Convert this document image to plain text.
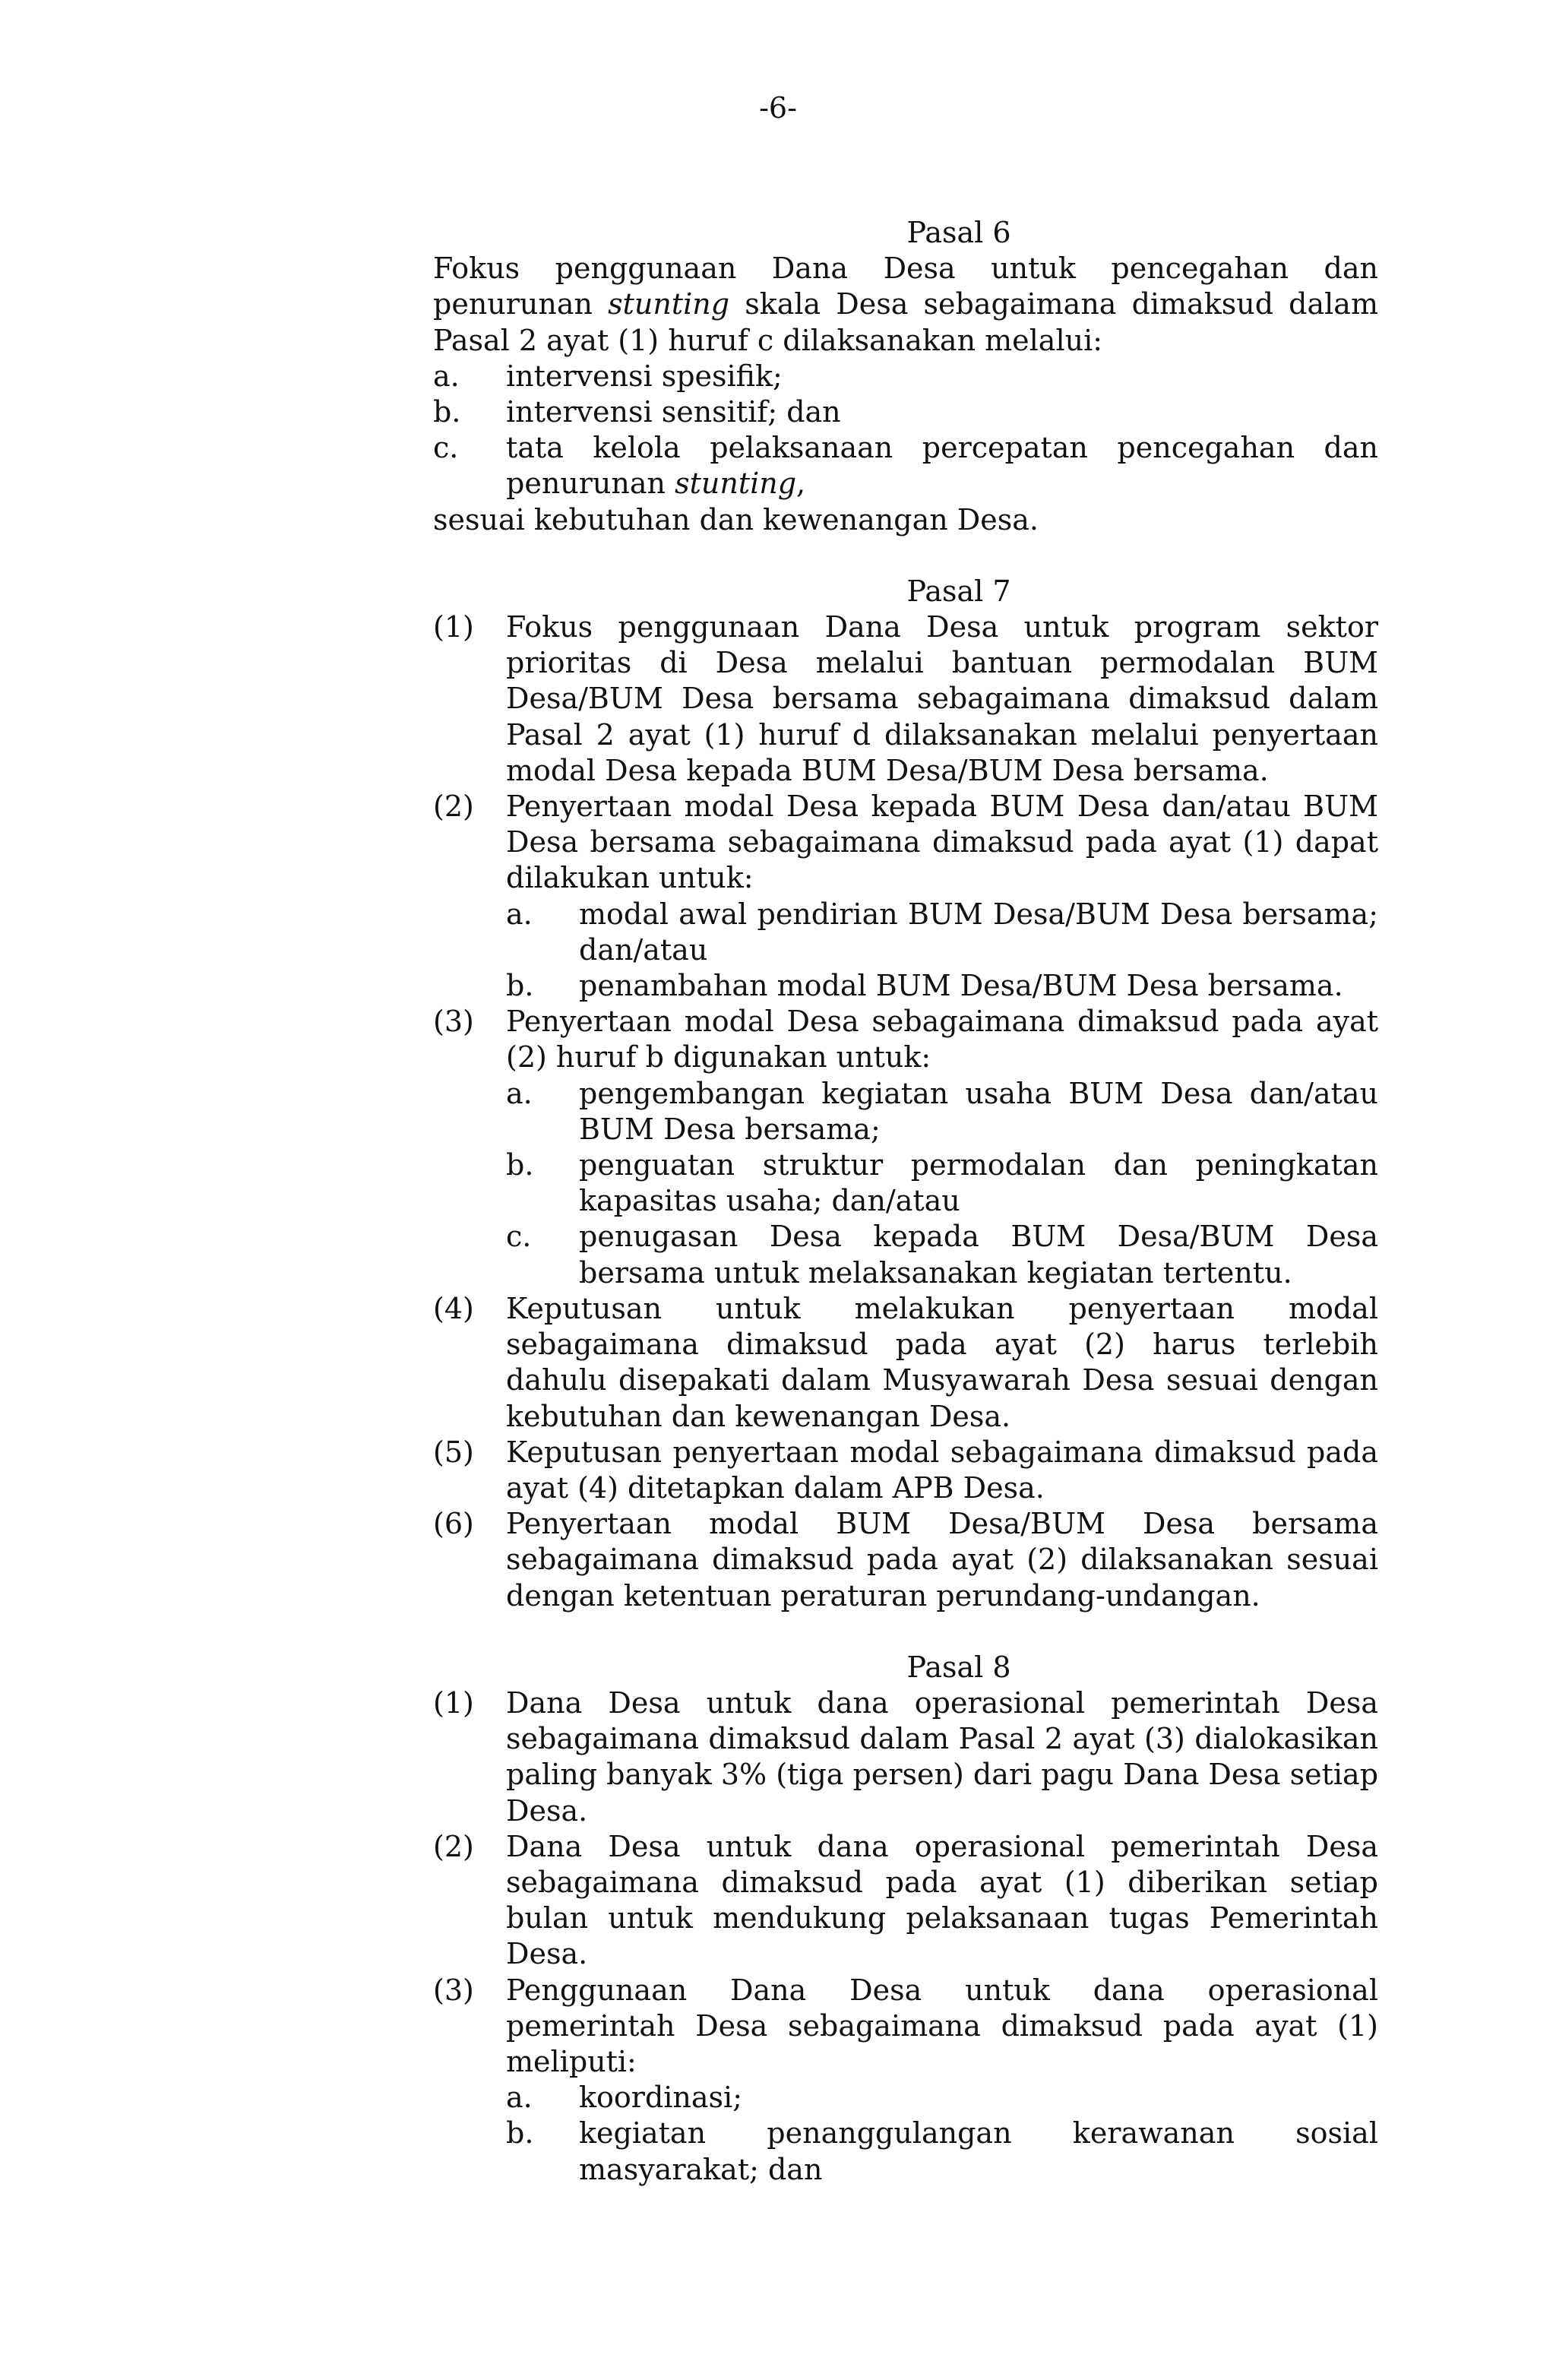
-6-
Pasal 6
Fokus penggunaan Dana Desa untuk pencegahan dan
penurunan stunting skala Desa sebagaimana dimaksud dalam
Pasal 2 ayat (1) huruf c dilaksanakan melalui:
a.	intervensi spesifik;
b.	intervensi sensitif; dan
c.	tata kelola pelaksanaan percepatan pencegahan dan
penurunan stunting,
sesuai kebutuhan dan kewenangan Desa.
Pasal 7
(1)	Fokus penggunaan Dana Desa untuk program sektor prioritas di Desa melalui bantuan permodalan BUM Desa/BUM Desa bersama sebagaimana dimaksud dalam Pasal 2 ayat (1) huruf d dilaksanakan melalui penyertaan modal Desa kepada BUM Desa/BUM Desa bersama.
(2)	Penyertaan modal Desa kepada BUM Desa dan/atau BUM Desa bersama sebagaimana dimaksud pada ayat (1) dapat dilakukan untuk:
a.	modal awal pendirian BUM Desa/BUM Desa bersama; dan/atau
b.	penambahan modal BUM Desa/BUM Desa bersama.
(3)	Penyertaan modal Desa sebagaimana dimaksud pada ayat (2) huruf b digunakan untuk:
a.	pengembangan kegiatan usaha BUM Desa dan/atau BUM Desa bersama;
b.	penguatan struktur permodalan dan peningkatan kapasitas usaha; dan/atau
c.	penugasan Desa kepada BUM Desa/BUM Desa bersama untuk melaksanakan kegiatan tertentu.
(4)	Keputusan untuk melakukan penyertaan modal sebagaimana dimaksud pada ayat (2) harus terlebih dahulu disepakati dalam Musyawarah Desa sesuai dengan kebutuhan dan kewenangan Desa.
(5)	Keputusan penyertaan modal sebagaimana dimaksud pada ayat (4) ditetapkan dalam APB Desa.
(6)	Penyertaan modal BUM Desa/BUM Desa bersama sebagaimana dimaksud pada ayat (2) dilaksanakan sesuai dengan ketentuan peraturan perundang-undangan.
Pasal 8
(1)	Dana Desa untuk dana operasional pemerintah Desa sebagaimana dimaksud dalam Pasal 2 ayat (3) dialokasikan paling banyak 3% (tiga persen) dari pagu Dana Desa setiap Desa.
(2)	Dana Desa untuk dana operasional pemerintah Desa sebagaimana dimaksud pada ayat (1) diberikan setiap bulan untuk mendukung pelaksanaan tugas Pemerintah Desa.
(3)	Penggunaan Dana Desa untuk dana operasional pemerintah Desa sebagaimana dimaksud pada ayat (1) meliputi:
a.	koordinasi;
b.	kegiatan penanggulangan kerawanan sosial masyarakat; dan
